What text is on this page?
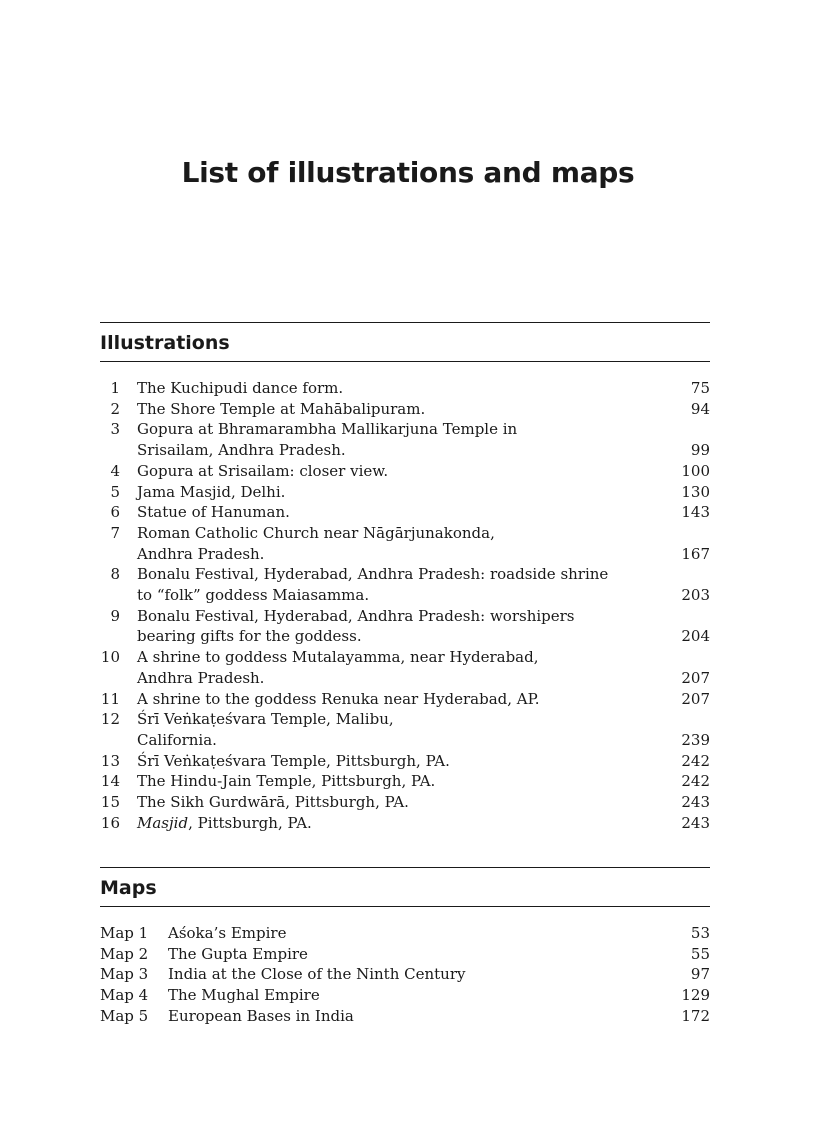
List of illustrations and maps
Illustrations
1 The Kuchipudi dance form.	75
2 The Shore Temple at Mahābalipuram.	94
3 Gopura at Bhramarambha Mallikarjuna Temple in
Srisailam, Andhra Pradesh.	99
4 Gopura at Srisailam: closer view.	100
5 Jama Masjid, Delhi.	130
6 Statue of Hanuman.	143
7 Roman Catholic Church near Nāgārjunakonda,
Andhra Pradesh.	167
8 Bonalu Festival, Hyderabad, Andhra Pradesh: roadside shrine
to “folk” goddess Maiasamma.	203
9 Bonalu Festival, Hyderabad, Andhra Pradesh: worshipers
bearing gifts for the goddess.	204
10 A shrine to goddess Mutalayamma, near Hyderabad,
Andhra Pradesh.	207
11 A shrine to the goddess Renuka near Hyderabad, AP.	207
12 Śrī Veṅkaṭeśvara Temple, Malibu,
California.	239
13 Śrī Veṅkaṭeśvara Temple, Pittsburgh, PA.	242
14 The Hindu-Jain Temple, Pittsburgh, PA.	242
15 The Sikh Gurdwārā, Pittsburgh, PA.	243
16 Masjid, Pittsburgh, PA.	243
Maps
Map 1	Aśoka’s Empire	53
Map 2	The Gupta Empire	55
Map 3	India at the Close of the Ninth Century	97
Map 4	The Mughal Empire	129
Map 5	European Bases in India	172
